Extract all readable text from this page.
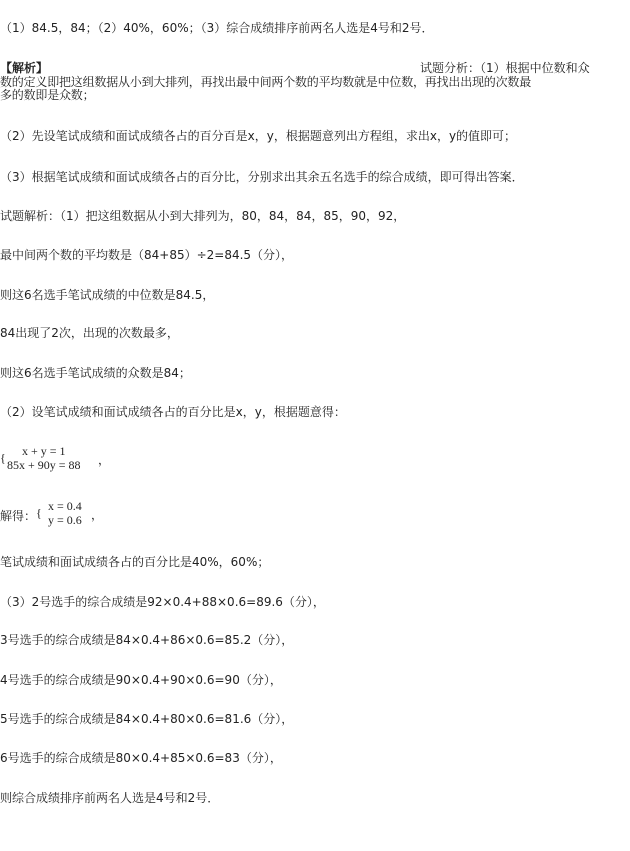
（1）84.5，84；（2）40%，60%；（3）综合成绩排序前两名人选是4号和2号．
【解析】	试题分析：（1）根据中位数和众
数的定义即把这组数据从小到大排列，再找出最中间两个数的平均数就是中位数，再找出出现的次数最
多的数即是众数；
（2）先设笔试成绩和面试成绩各占的百分百是x，y，根据题意列出方程组，求出x，y的值即可；
（3）根据笔试成绩和面试成绩各占的百分比，分别求出其余五名选手的综合成绩，即可得出答案．
试题解析：（1）把这组数据从小到大排列为，80，84，84，85，90，92，
最中间两个数的平均数是（84+85）÷2=84.5（分），
则这6名选手笔试成绩的中位数是84.5，
84出现了2次，出现的次数最多，
则这6名选手笔试成绩的众数是84；
（2）设笔试成绩和面试成绩各占的百分比是x，y，根据题意得：
{ x + y = 1
85x + 90y = 88 ，
解得： { x = 0.4
y = 0.6 ，
笔试成绩和面试成绩各占的百分比是40%，60%；
（3）2号选手的综合成绩是92×0.4+88×0.6=89.6（分），
3号选手的综合成绩是84×0.4+86×0.6=85.2（分），
4号选手的综合成绩是90×0.4+90×0.6=90（分），
5号选手的综合成绩是84×0.4+80×0.6=81.6（分），
6号选手的综合成绩是80×0.4+85×0.6=83（分），
则综合成绩排序前两名人选是4号和2号．
